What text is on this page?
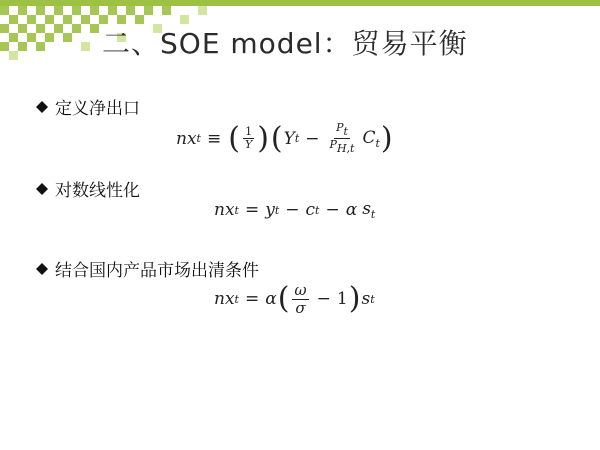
二、SOE model：贸易平衡
定义净出口
nx t ≡ ( $\frac{1}{Y}$ ) ( Y $t - \frac{P_t}{P_{H,t}} C_t$ )
对数线性化
nx t = y t − c t − α $s_t$
结合国内产品市场出清条件
nx t = α ( $\frac{\omega}{\sigma} - 1$ ) s t
